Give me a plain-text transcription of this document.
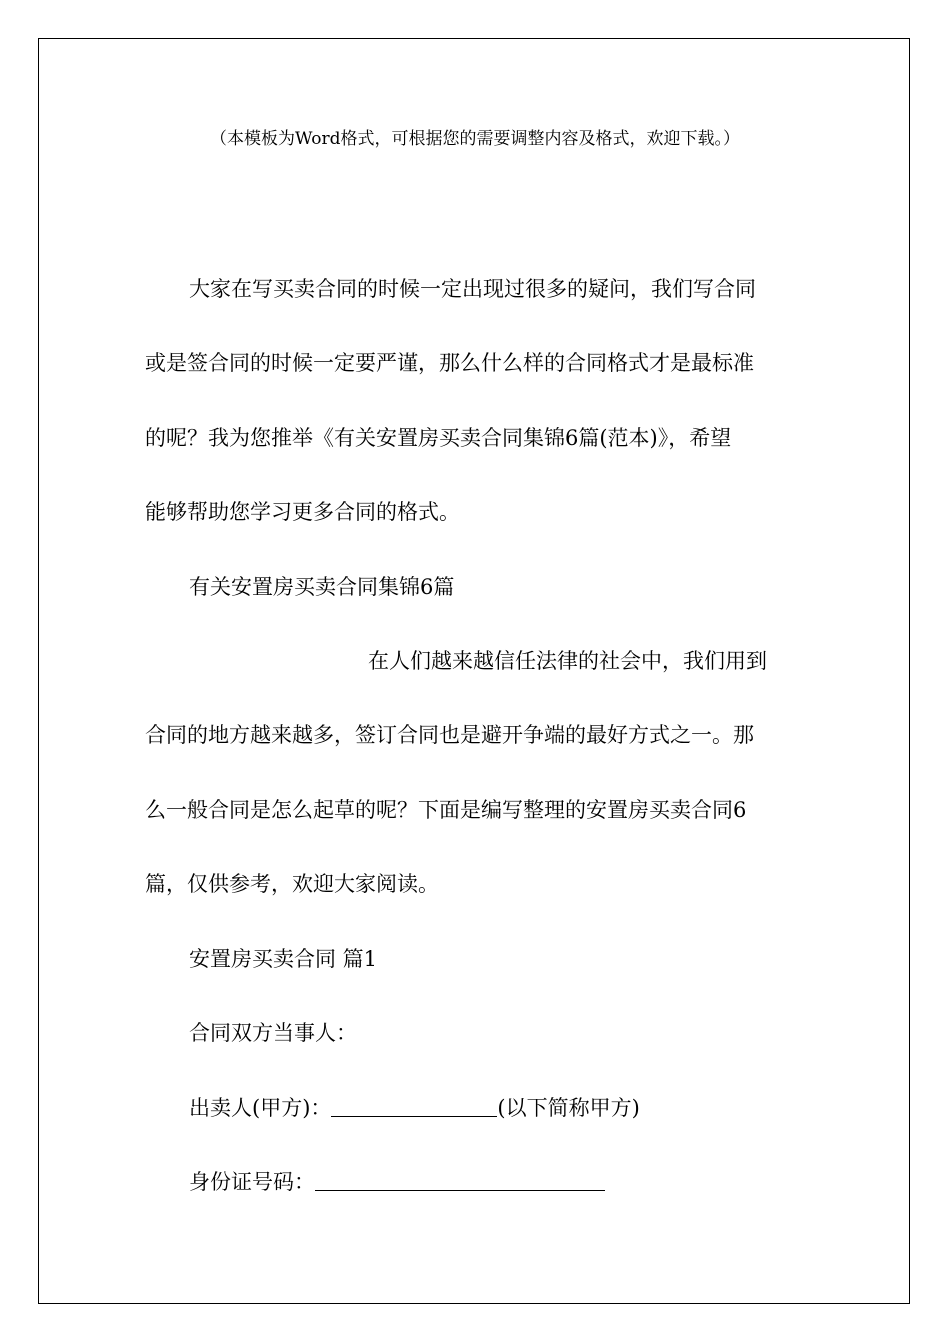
（本模板为Word格式，可根据您的需要调整内容及格式，欢迎下载。）
大家在写买卖合同的时候一定出现过很多的疑问，我们写合同
或是签合同的时候一定要严谨，那么什么样的合同格式才是最标准
的呢？我为您推举《有关安置房买卖合同集锦6篇(范本)》，希望
能够帮助您学习更多合同的格式。
有关安置房买卖合同集锦6篇
在人们越来越信任法律的社会中，我们用到
合同的地方越来越多，签订合同也是避开争端的最好方式之一。那
么一般合同是怎么起草的呢？下面是编写整理的安置房买卖合同6
篇，仅供参考，欢迎大家阅读。
安置房买卖合同 篇1
合同双方当事人：
出卖人(甲方)：	(以下简称甲方)
身份证号码：
